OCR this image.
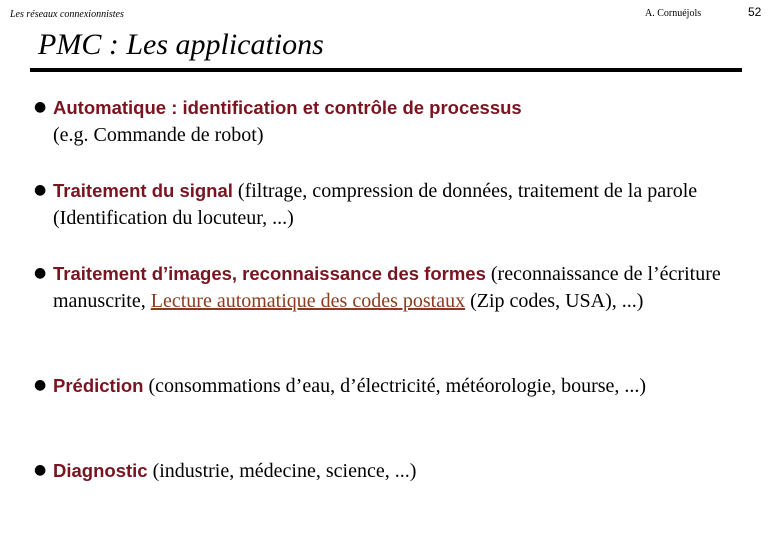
Les réseaux connexionnistes	A. Cornuéjols	52
PMC : Les applications
● Automatique : identification et contrôle de processus
(e.g. Commande de robot)
● Traitement du signal (filtrage, compression de données, traitement de la parole (Identification du locuteur, ...)
● Traitement d’images, reconnaissance des formes (reconnaissance de l’écriture manuscrite, Lecture automatique des codes postaux (Zip codes, USA), ...)
● Prédiction (consommations d’eau, d’électricité, météorologie, bourse, ...)
● Diagnostic (industrie, médecine, science, ...)
